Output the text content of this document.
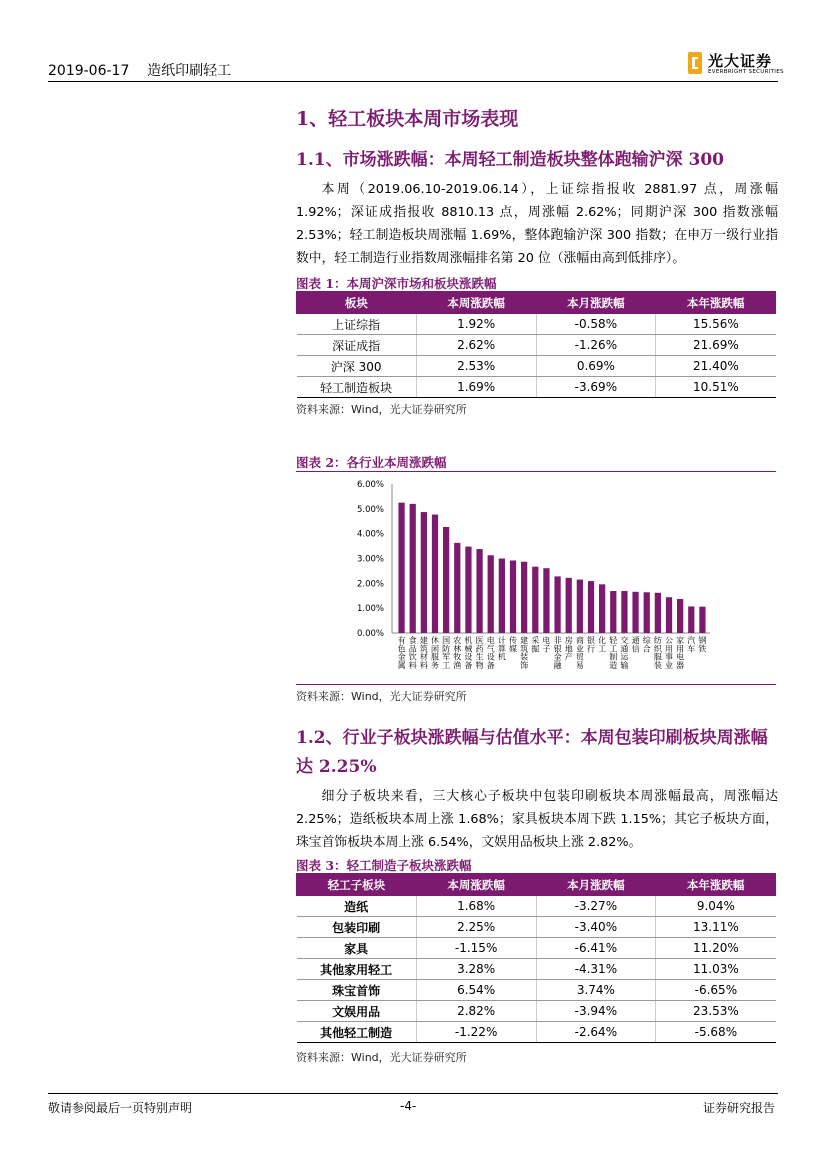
2019-06-17    造纸印刷轻工
光大证券
EVERBRIGHT SECURITIES
1、轻工板块本周市场表现
1.1、市场涨跌幅：本周轻工制造板块整体跑输沪深 300
本周（2019.06.10-2019.06.14），上证综指报收 2881.97 点，周涨幅 1.92%；深证成指报收 8810.13 点，周涨幅 2.62%；同期沪深 300 指数涨幅 2.53%；轻工制造板块周涨幅 1.69%，整体跑输沪深 300 指数；在申万一级行业指数中，轻工制造行业指数周涨幅排名第 20 位（涨幅由高到低排序）。
图表 1：本周沪深市场和板块涨跌幅
板块	本周涨跌幅	本月涨跌幅	本年涨跌幅
上证综指	1.92%	-0.58%	15.56%
深证成指	2.62%	-1.26%	21.69%
沪深 300	2.53%	0.69%	21.40%
轻工制造板块	1.69%	-3.69%	10.51%
资料来源：Wind，光大证券研究所
图表 2：各行业本周涨跌幅
0.00%
1.00%
2.00%
3.00%
4.00%
5.00%
6.00%
有色金属
食品饮料
建筑材料
休闲服务
国防军工
农林牧渔
机械设备
医药生物
电气设备
计算机
传媒
建筑装饰
采掘
电子
非银金融
房地产
商业贸易
银行
化工
轻工制造
交通运输
通信
综合
纺织服装
公用事业
家用电器
汽车
钢铁
资料来源：Wind，光大证券研究所
1.2、行业子板块涨跌幅与估值水平：本周包装印刷板块周涨幅达 2.25%
细分子板块来看，三大核心子板块中包装印刷板块本周涨幅最高，周涨幅达 2.25%；造纸板块本周上涨 1.68%；家具板块本周下跌 1.15%；其它子板块方面，珠宝首饰板块本周上涨 6.54%，文娱用品板块上涨 2.82%。
图表 3：轻工制造子板块涨跌幅
轻工子板块	本周涨跌幅	本月涨跌幅	本年涨跌幅
造纸	1.68%	-3.27%	9.04%
包装印刷	2.25%	-3.40%	13.11%
家具	-1.15%	-6.41%	11.20%
其他家用轻工	3.28%	-4.31%	11.03%
珠宝首饰	6.54%	3.74%	-6.65%
文娱用品	2.82%	-3.94%	23.53%
其他轻工制造	-1.22%	-2.64%	-5.68%
资料来源：Wind，光大证券研究所
敬请参阅最后一页特别声明	-4-	证券研究报告
